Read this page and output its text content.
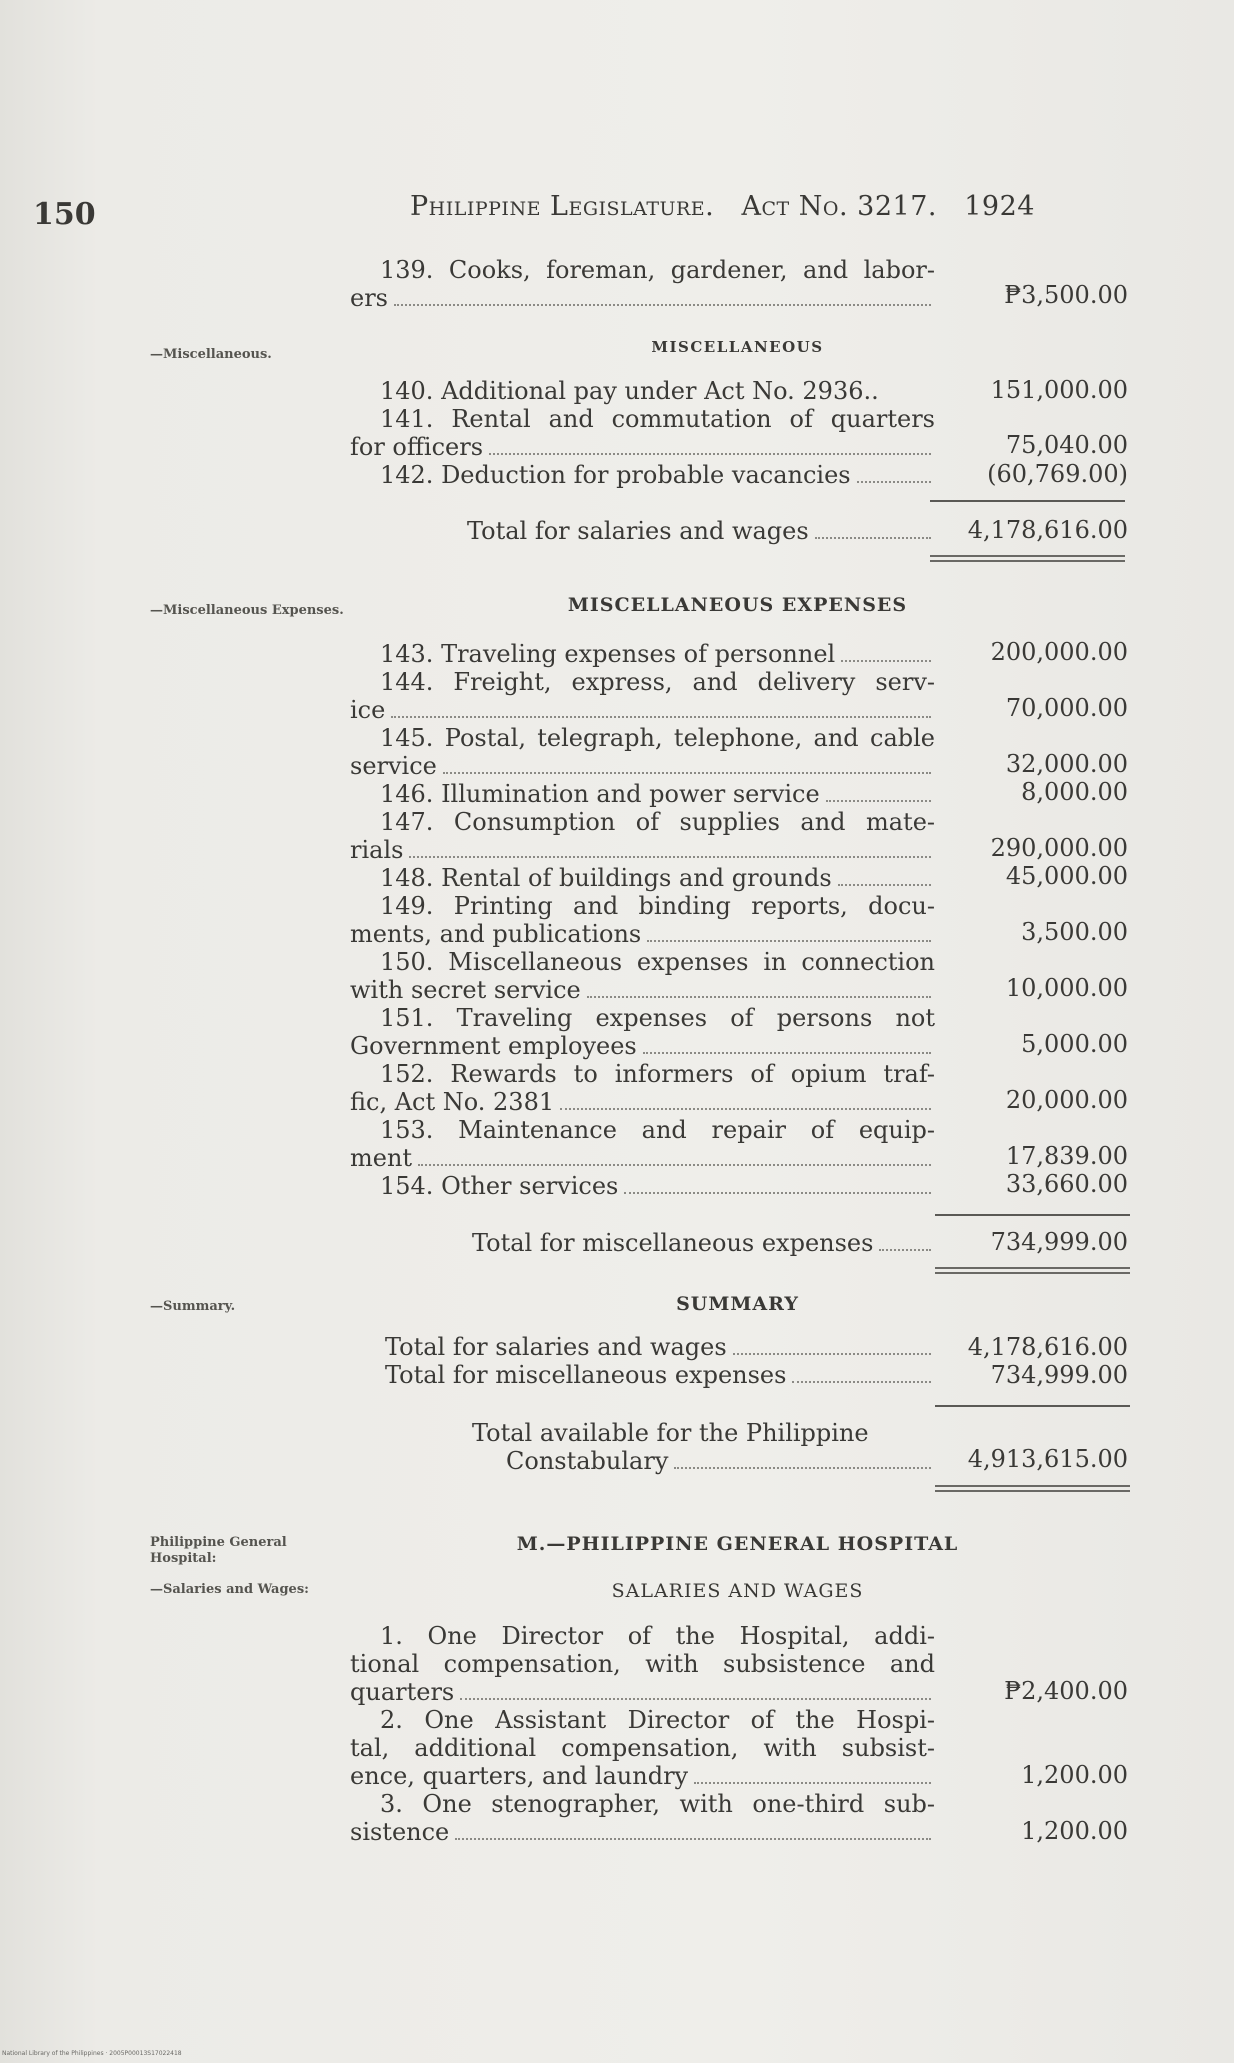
150	Philippine Legislature. Act No. 3217. 1924
139. Cooks, foreman, gardener, and labor-
ers	₱3,500.00
—Miscellaneous.	MISCELLANEOUS
140. Additional pay under Act No. 2936..	151,000.00
141. Rental and commutation of quarters
for officers	75,040.00
142. Deduction for probable vacancies	(60,769.00)
Total for salaries and wages	4,178,616.00
—Miscellaneous Expenses.	MISCELLANEOUS EXPENSES
143. Traveling expenses of personnel	200,000.00
144. Freight, express, and delivery serv-
ice	70,000.00
145. Postal, telegraph, telephone, and cable
service	32,000.00
146. Illumination and power service	8,000.00
147. Consumption of supplies and mate-
rials	290,000.00
148. Rental of buildings and grounds	45,000.00
149. Printing and binding reports, docu-
ments, and publications	3,500.00
150. Miscellaneous expenses in connection
with secret service	10,000.00
151. Traveling expenses of persons not
Government employees	5,000.00
152. Rewards to informers of opium traf-
fic, Act No. 2381	20,000.00
153. Maintenance and repair of equip-
ment	17,839.00
154. Other services	33,660.00
Total for miscellaneous expenses	734,999.00
—Summary.	SUMMARY
Total for salaries and wages	4,178,616.00
Total for miscellaneous expenses	734,999.00
Total available for the Philippine
Constabulary	4,913,615.00
Philippine General Hospital:
M.—PHILIPPINE GENERAL HOSPITAL
—Salaries and Wages:	SALARIES AND WAGES
1. One Director of the Hospital, addi-
tional compensation, with subsistence and
quarters	₱2,400.00
2. One Assistant Director of the Hospi-
tal, additional compensation, with subsist-
ence, quarters, and laundry	1,200.00
3. One stenographer, with one-third sub-
sistence	1,200.00
National Library of the Philippines · 2005P00013S17022418
